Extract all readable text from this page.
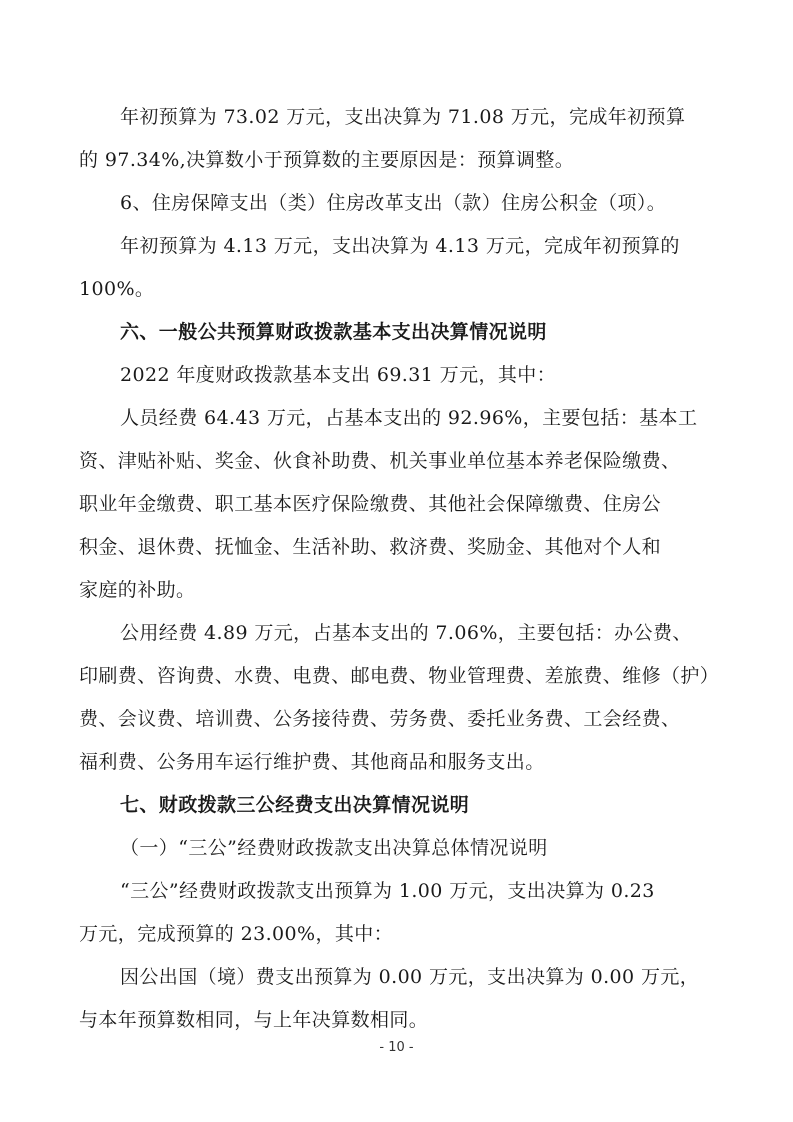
年初预算为 73.02 万元，支出决算为 71.08 万元，完成年初预算
的 97.34%,决算数小于预算数的主要原因是：预算调整。
6、住房保障支出（类）住房改革支出（款）住房公积金（项）。
年初预算为 4.13 万元，支出决算为 4.13 万元，完成年初预算的
100%。
六、一般公共预算财政拨款基本支出决算情况说明
2022 年度财政拨款基本支出 69.31 万元，其中：
人员经费 64.43 万元，占基本支出的 92.96%，主要包括：基本工
资、津贴补贴、奖金、伙食补助费、机关事业单位基本养老保险缴费、
职业年金缴费、职工基本医疗保险缴费、其他社会保障缴费、住房公
积金、退休费、抚恤金、生活补助、救济费、奖励金、其他对个人和
家庭的补助。
公用经费 4.89 万元，占基本支出的 7.06%，主要包括：办公费、
印刷费、咨询费、水费、电费、邮电费、物业管理费、差旅费、维修（护）
费、会议费、培训费、公务接待费、劳务费、委托业务费、工会经费、
福利费、公务用车运行维护费、其他商品和服务支出。
七、财政拨款三公经费支出决算情况说明
（一）“三公”经费财政拨款支出决算总体情况说明
“三公”经费财政拨款支出预算为 1.00 万元，支出决算为 0.23
万元，完成预算的 23.00%，其中：
因公出国（境）费支出预算为 0.00 万元，支出决算为 0.00 万元，
与本年预算数相同，与上年决算数相同。
- 10 -
